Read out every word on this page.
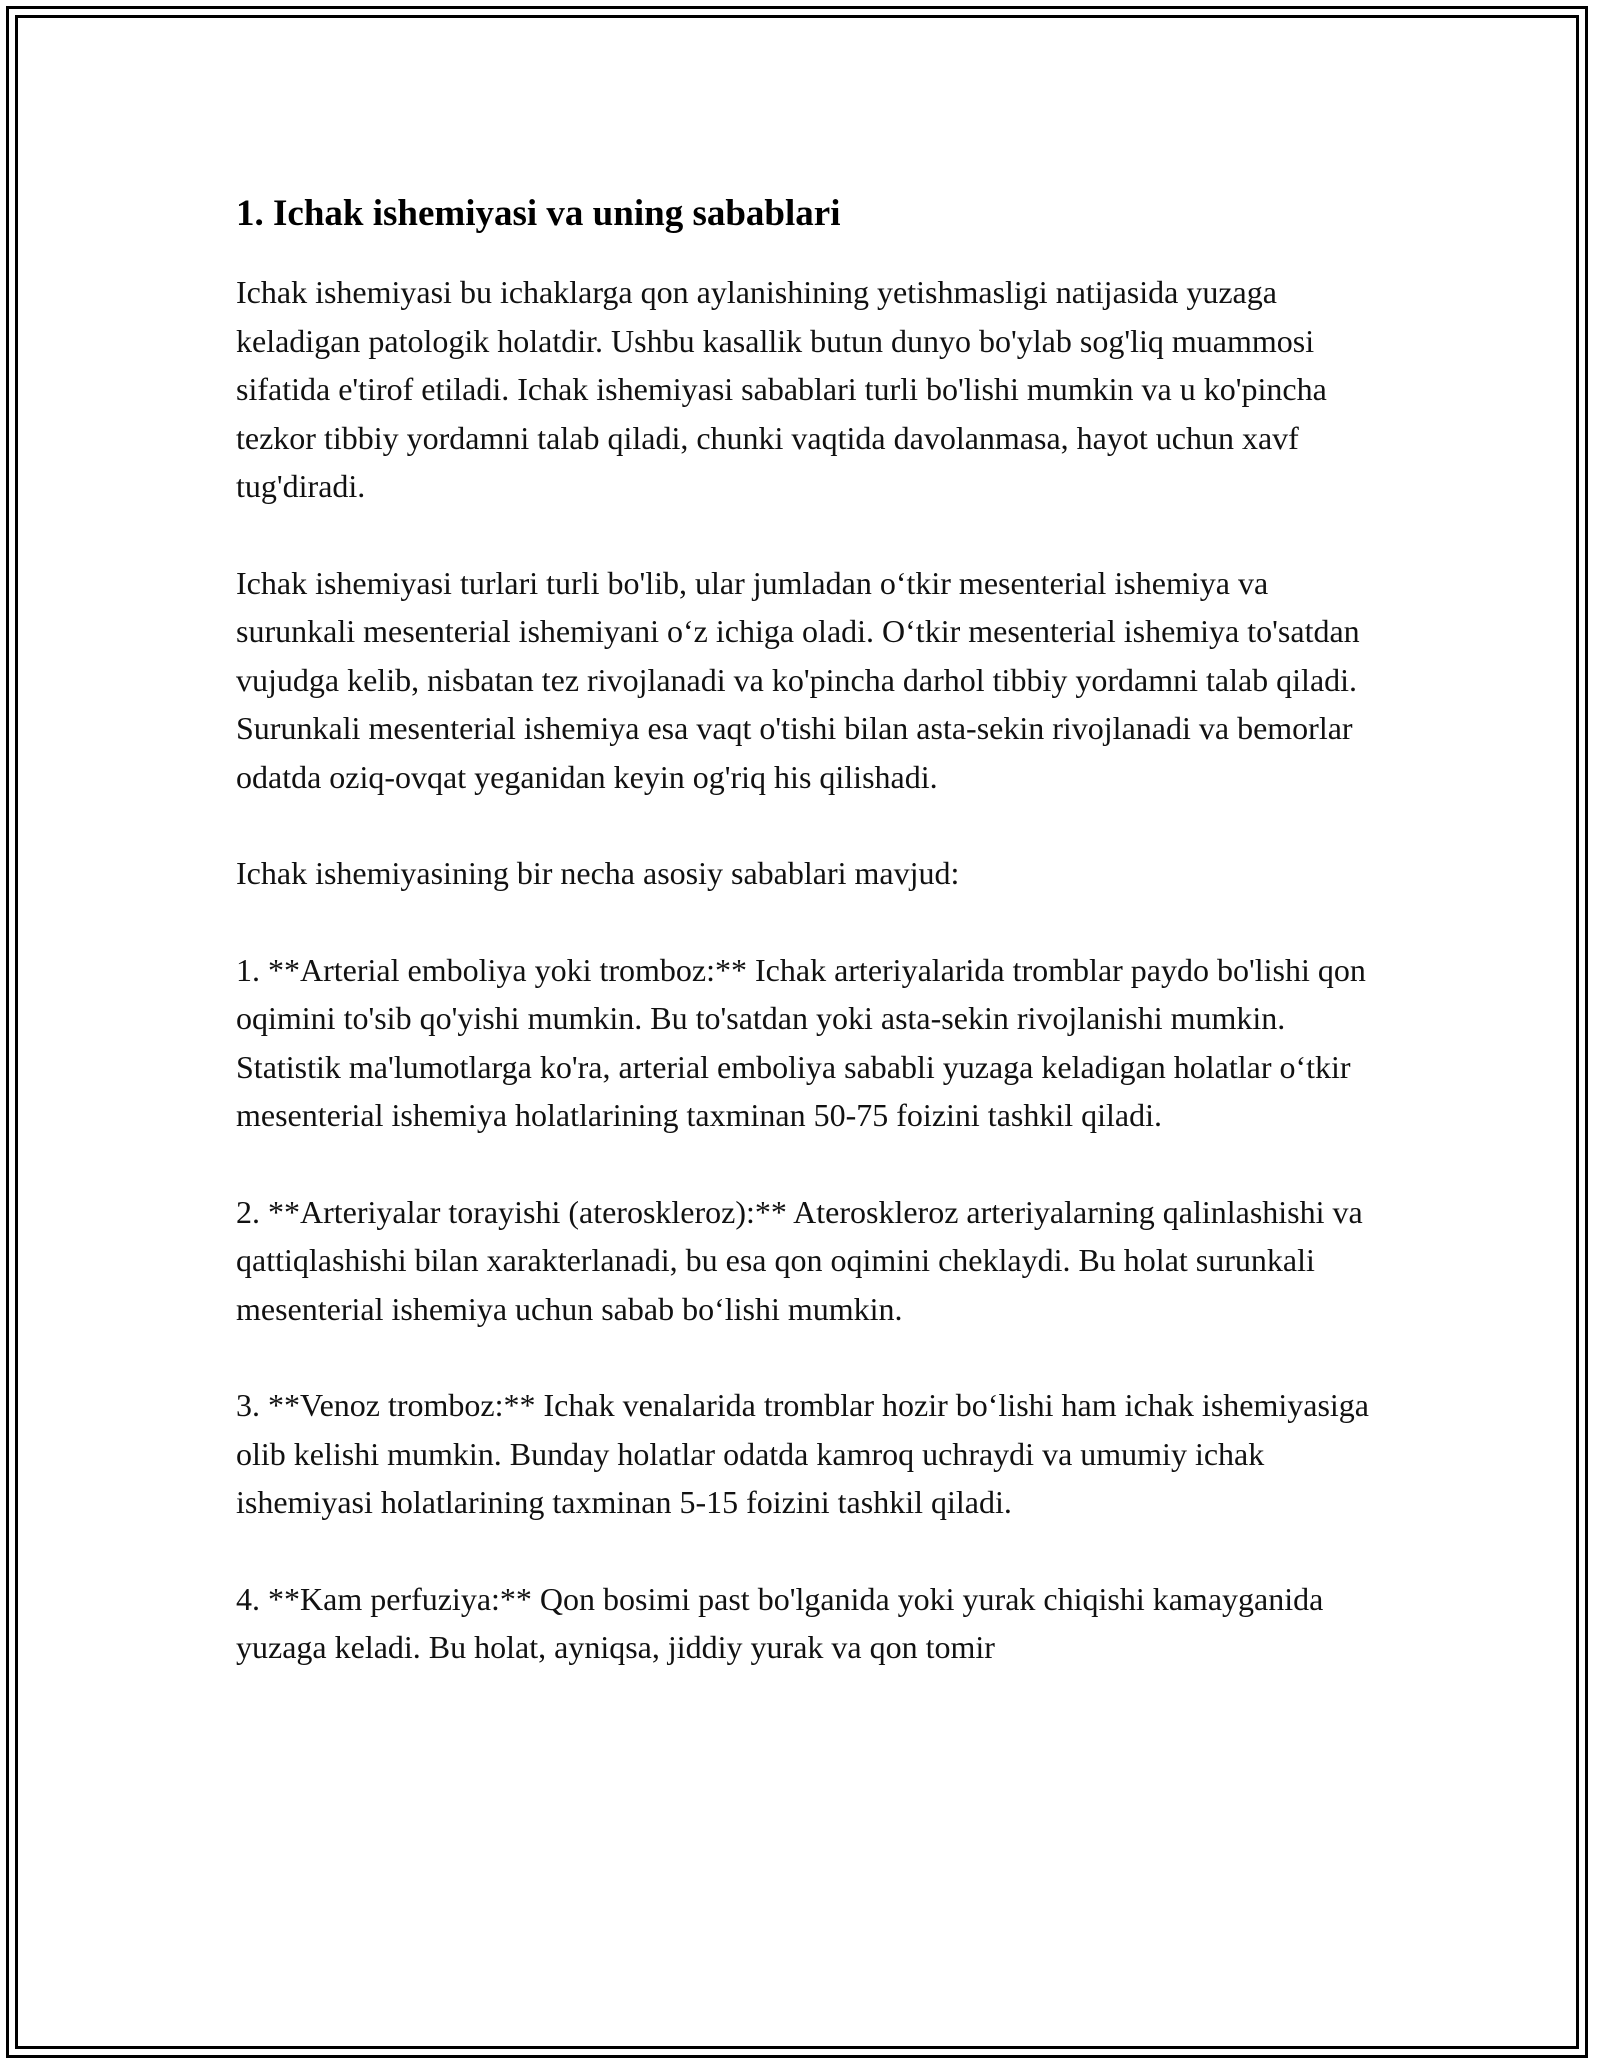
1. Ichak ishemiyasi va uning sabablari

Ichak ishemiyasi bu ichaklarga qon aylanishining yetishmasligi natijasida yuzaga keladigan patologik holatdir. Ushbu kasallik butun dunyo bo'ylab sog'liq muammosi sifatida e'tirof etiladi. Ichak ishemiyasi sabablari turli bo'lishi mumkin va u ko'pincha tezkor tibbiy yordamni talab qiladi, chunki vaqtida davolanmasa, hayot uchun xavf tug'diradi.

Ichak ishemiyasi turlari turli bo'lib, ular jumladan o‘tkir mesenterial ishemiya va surunkali mesenterial ishemiyani o‘z ichiga oladi. O‘tkir mesenterial ishemiya to'satdan vujudga kelib, nisbatan tez rivojlanadi va ko'pincha darhol tibbiy yordamni talab qiladi. Surunkali mesenterial ishemiya esa vaqt o'tishi bilan asta-sekin rivojlanadi va bemorlar odatda oziq-ovqat yeganidan keyin og'riq his qilishadi.

Ichak ishemiyasining bir necha asosiy sabablari mavjud:

1. **Arterial emboliya yoki tromboz:** Ichak arteriyalarida tromblar paydo bo'lishi qon oqimini to'sib qo'yishi mumkin. Bu to'satdan yoki asta-sekin rivojlanishi mumkin. Statistik ma'lumotlarga ko'ra, arterial emboliya sababli yuzaga keladigan holatlar o‘tkir mesenterial ishemiya holatlarining taxminan 50-75 foizini tashkil qiladi.

2. **Arteriyalar torayishi (ateroskleroz):** Ateroskleroz arteriyalarning qalinlashishi va qattiqlashishi bilan xarakterlanadi, bu esa qon oqimini cheklaydi. Bu holat surunkali mesenterial ishemiya uchun sabab bo‘lishi mumkin.

3. **Venoz tromboz:** Ichak venalarida tromblar hozir bo‘lishi ham ichak ishemiyasiga olib kelishi mumkin. Bunday holatlar odatda kamroq uchraydi va umumiy ichak ishemiyasi holatlarining taxminan 5-15 foizini tashkil qiladi.

4. **Kam perfuziya:** Qon bosimi past bo'lganida yoki yurak chiqishi kamayganida yuzaga keladi. Bu holat, ayniqsa, jiddiy yurak va qon tomir
